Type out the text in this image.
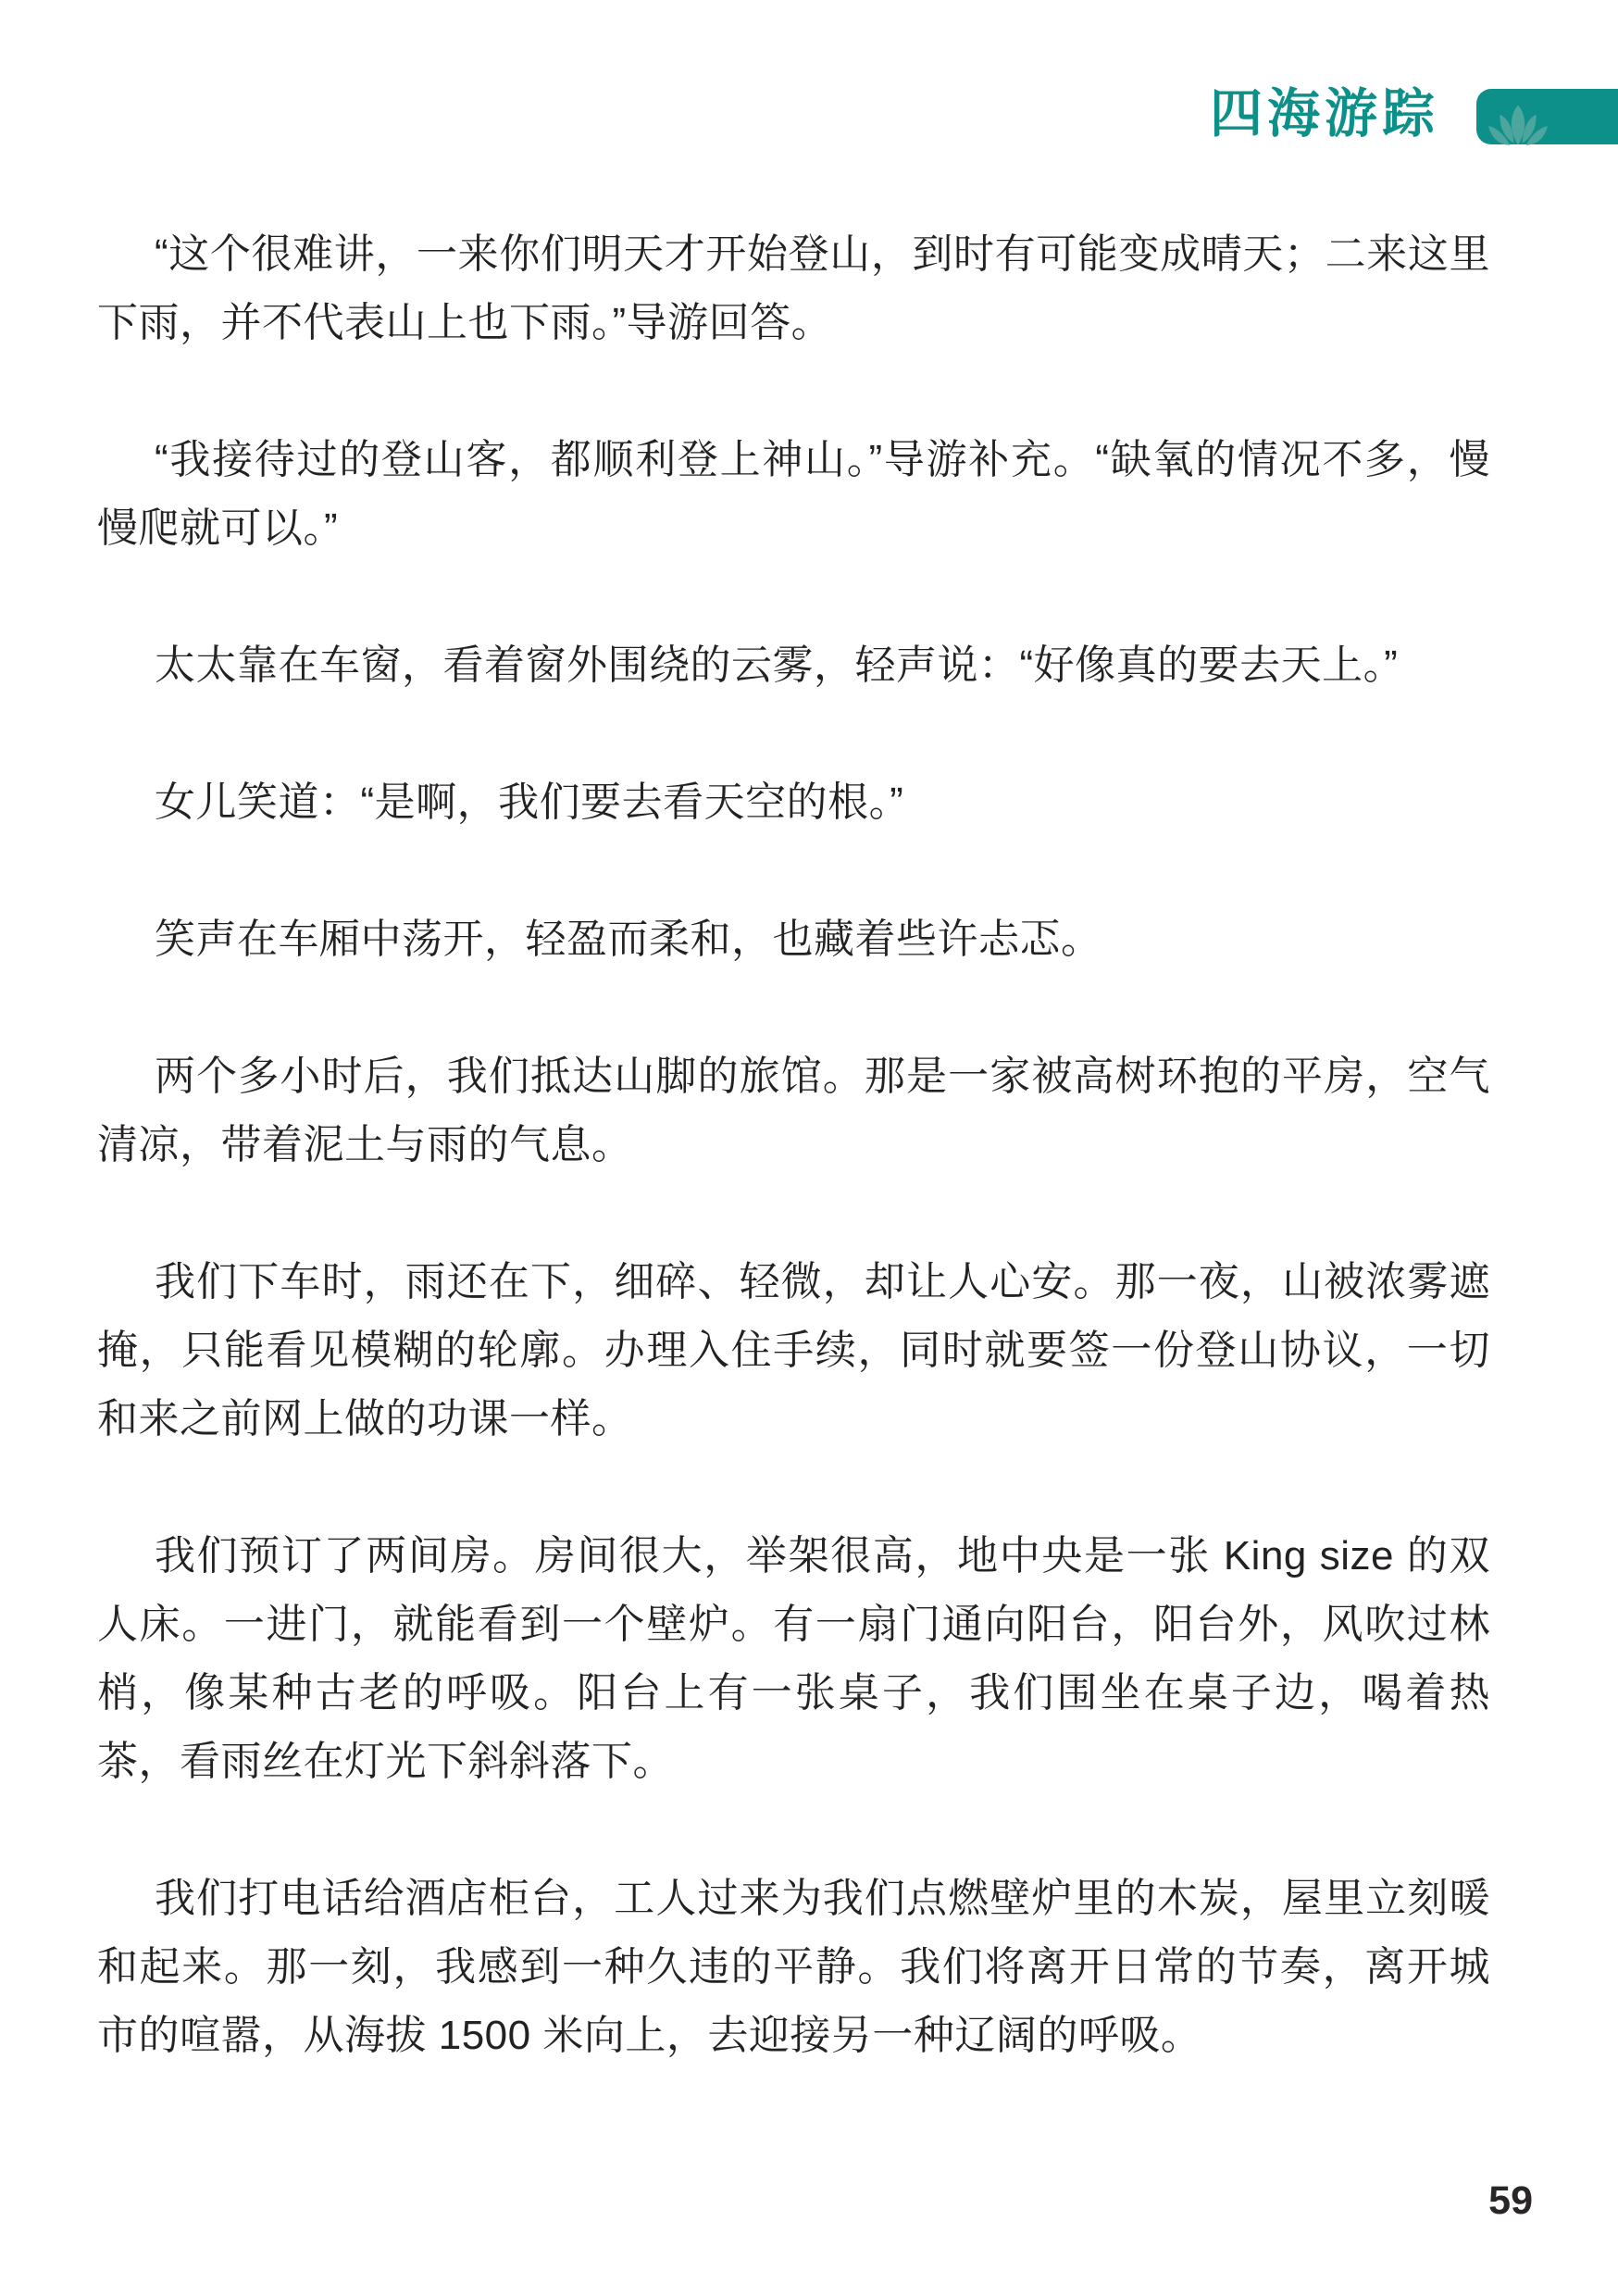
四海游踪

“这个很难讲，一来你们明天才开始登山，到时有可能变成晴天；二来这里下雨，并不代表山上也下雨。”导游回答。

“我接待过的登山客，都顺利登上神山。”导游补充。“缺氧的情况不多，慢慢爬就可以。”

太太靠在车窗，看着窗外围绕的云雾，轻声说：“好像真的要去天上。”

女儿笑道：“是啊，我们要去看天空的根。”

笑声在车厢中荡开，轻盈而柔和，也藏着些许忐忑。

两个多小时后，我们抵达山脚的旅馆。那是一家被高树环抱的平房，空气清凉，带着泥土与雨的气息。

我们下车时，雨还在下，细碎、轻微，却让人心安。那一夜，山被浓雾遮掩，只能看见模糊的轮廓。办理入住手续，同时就要签一份登山协议，一切和来之前网上做的功课一样。

我们预订了两间房。房间很大，举架很高，地中央是一张 King size 的双人床。一进门，就能看到一个壁炉。有一扇门通向阳台，阳台外，风吹过林梢，像某种古老的呼吸。阳台上有一张桌子，我们围坐在桌子边，喝着热茶，看雨丝在灯光下斜斜落下。

我们打电话给酒店柜台，工人过来为我们点燃壁炉里的木炭，屋里立刻暖和起来。那一刻，我感到一种久违的平静。我们将离开日常的节奏，离开城市的喧嚣，从海拔 1500 米向上，去迎接另一种辽阔的呼吸。

59
